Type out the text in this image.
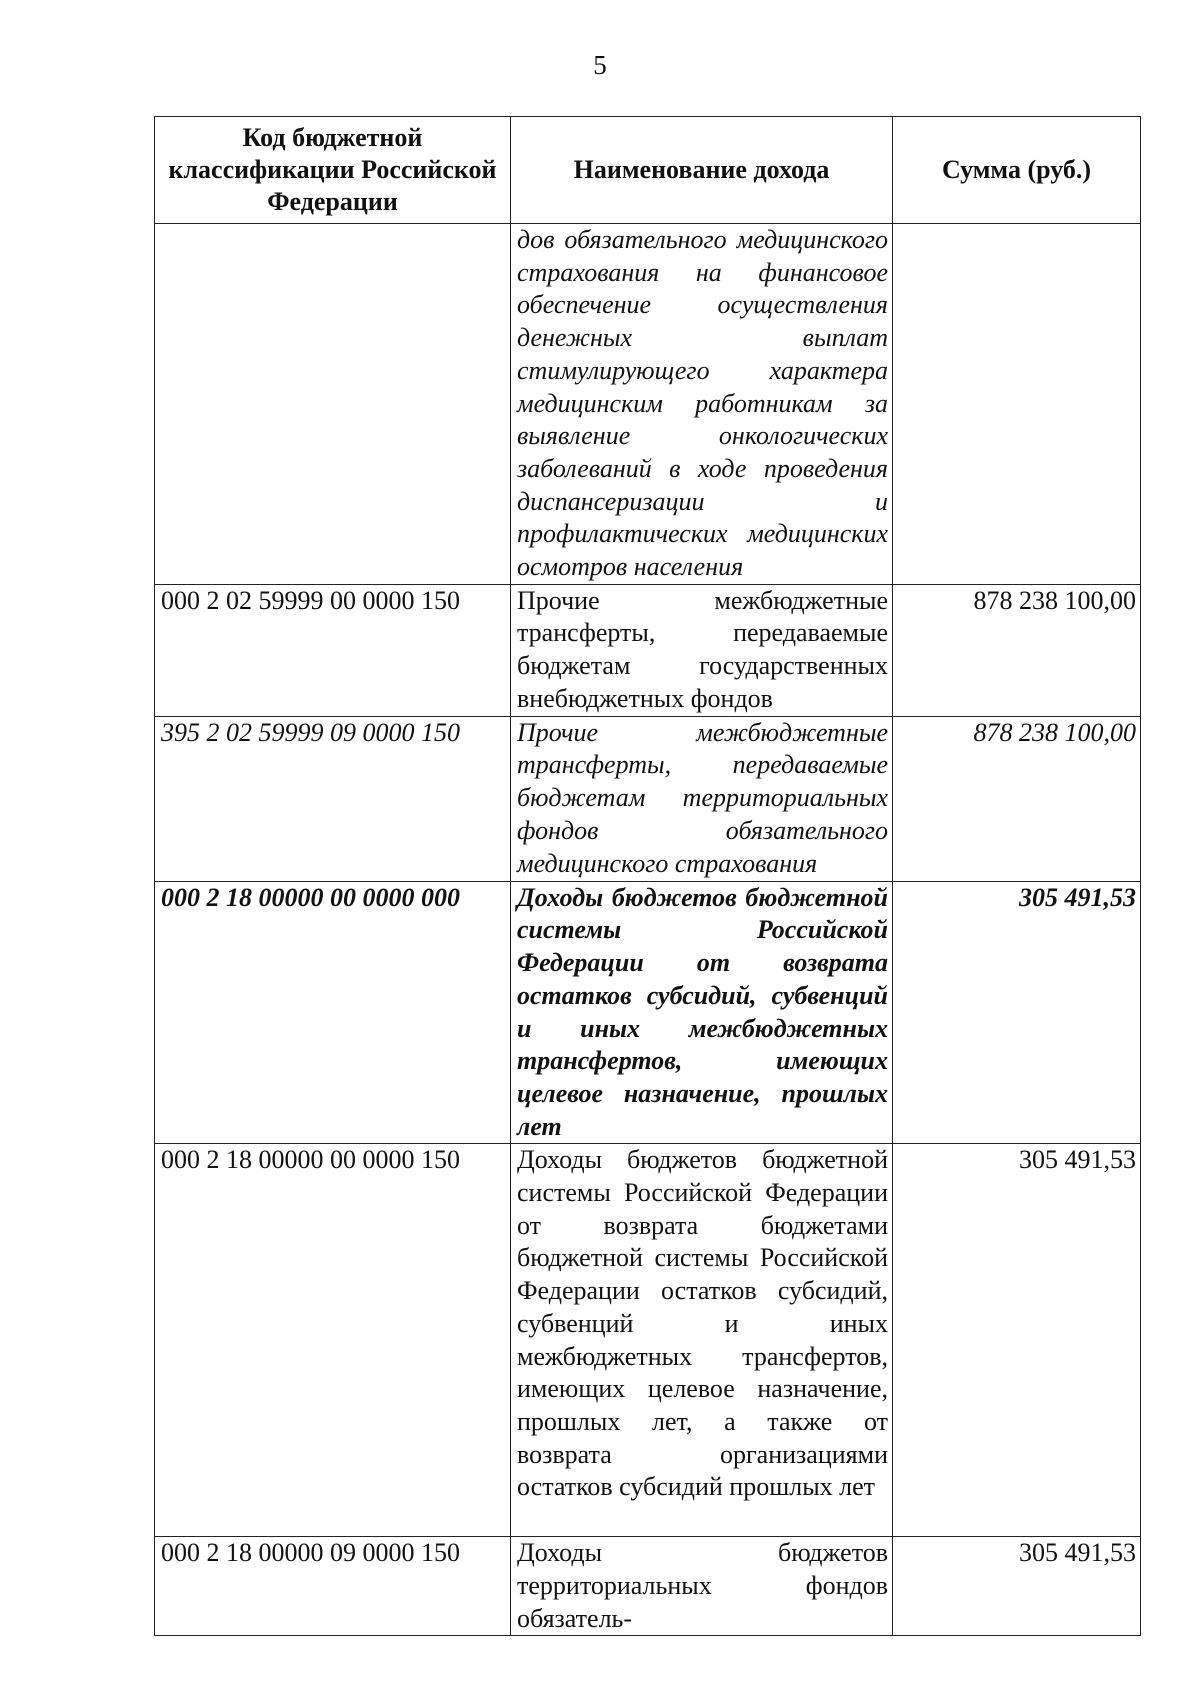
5
Код бюджетной классификации Российской Федерации	Наименование дохода	Сумма (руб.)
	дов обязательного медицинского страхования на финансовое обеспечение осуществления денежных выплат стимулирующего характера медицинским работникам за выявление онкологических заболеваний в ходе проведения диспансеризации и профилактических медицинских осмотров населения	
000 2 02 59999 00 0000 150	Прочие межбюджетные трансферты, передаваемые бюджетам государственных внебюджетных фондов	878 238 100,00
395 2 02 59999 09 0000 150	Прочие межбюджетные трансферты, передаваемые бюджетам территориальных фондов обязательного медицинского страхования	878 238 100,00
000 2 18 00000 00 0000 000	Доходы бюджетов бюджетной системы Российской Федерации от возврата остатков субсидий, субвенций и иных межбюджетных трансфертов, имеющих целевое назначение, прошлых лет	305 491,53
000 2 18 00000 00 0000 150	Доходы бюджетов бюджетной системы Российской Федерации от возврата бюджетами бюджетной системы Российской Федерации остатков субсидий, субвенций и иных межбюджетных трансфертов, имеющих целевое назначение, прошлых лет, а также от возврата организациями остатков субсидий прошлых лет	305 491,53
000 2 18 00000 09 0000 150	Доходы бюджетов территориальных фондов обязатель-	305 491,53
